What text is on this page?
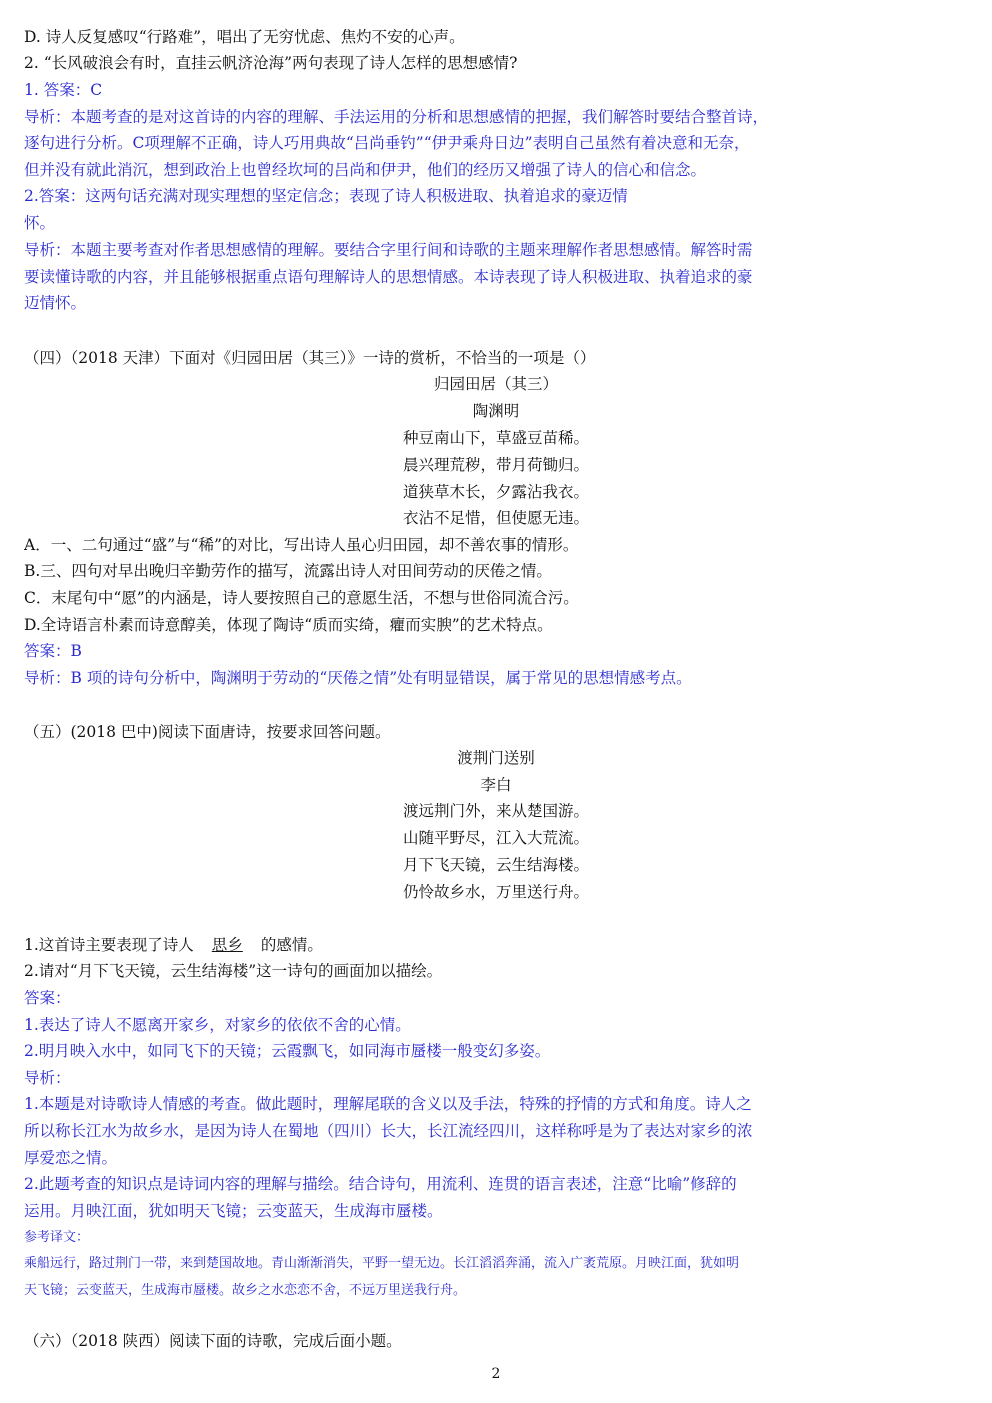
D. 诗人反复感叹“行路难”，唱出了无穷忧虑、焦灼不安的心声。
2. “长风破浪会有时，直挂云帆济沧海”两句表现了诗人怎样的思想感情?
1. 答案：C
导析：本题考查的是对这首诗的内容的理解、手法运用的分析和思想感情的把握，我们解答时要结合整首诗，
逐句进行分析。C项理解不正确，诗人巧用典故“吕尚垂钓”“伊尹乘舟日边”表明自己虽然有着决意和无奈，
但并没有就此消沉，想到政治上也曾经坎坷的吕尚和伊尹，他们的经历又增强了诗人的信心和信念。
2.答案：这两句话充满对现实理想的坚定信念；表现了诗人积极进取、执着追求的豪迈情
怀。
导析：本题主要考查对作者思想感情的理解。要结合字里行间和诗歌的主题来理解作者思想感情。解答时需
要读懂诗歌的内容，并且能够根据重点语句理解诗人的思想情感。本诗表现了诗人积极进取、执着追求的豪
迈情怀。
（四）（2018 天津）下面对《归园田居（其三）》一诗的赏析，不恰当的一项是（）
归园田居（其三）
陶渊明
种豆南山下，草盛豆苗稀。
晨兴理荒秽，带月荷锄归。
道狭草木长，夕露沾我衣。
衣沾不足惜，但使愿无违。
A．一、二句通过“盛”与“稀”的对比，写出诗人虽心归田园，却不善农事的情形。
B.三、四句对早出晚归辛勤劳作的描写，流露出诗人对田间劳动的厌倦之情。
C．末尾句中“愿”的内涵是，诗人要按照自己的意愿生活，不想与世俗同流合污。
D.全诗语言朴素而诗意醇美，体现了陶诗“质而实绮，癯而实腴”的艺术特点。
答案：B
导析：B 项的诗句分析中，陶渊明于劳动的“厌倦之情”处有明显错误，属于常见的思想情感考点。
（五）(2018 巴中)阅读下面唐诗，按要求回答问题。
渡荆门送别
李白
渡远荆门外，来从楚国游。
山随平野尽，江入大荒流。
月下飞天镜，云生结海楼。
仍怜故乡水，万里送行舟。
1.这首诗主要表现了诗人 思乡 的感情。
2.请对“月下飞天镜，云生结海楼”这一诗句的画面加以描绘。
答案：
1.表达了诗人不愿离开家乡，对家乡的依依不舍的心情。
2.明月映入水中，如同飞下的天镜；云霞飘飞，如同海市蜃楼一般变幻多姿。
导析：
1.本题是对诗歌诗人情感的考查。做此题时，理解尾联的含义以及手法，特殊的抒情的方式和角度。诗人之
所以称长江水为故乡水，是因为诗人在蜀地（四川）长大，长江流经四川，这样称呼是为了表达对家乡的浓
厚爱恋之情。
2.此题考查的知识点是诗词内容的理解与描绘。结合诗句，用流利、连贯的语言表述，注意“比喻”修辞的
运用。月映江面，犹如明天飞镜；云变蓝天，生成海市蜃楼。
参考译文：
乘船远行，路过荆门一带，来到楚国故地。青山渐渐消失，平野一望无边。长江滔滔奔涌，流入广袤荒原。月映江面，犹如明
天飞镜；云变蓝天，生成海市蜃楼。故乡之水恋恋不舍，不远万里送我行舟。
（六）（2018 陕西）阅读下面的诗歌，完成后面小题。
2
